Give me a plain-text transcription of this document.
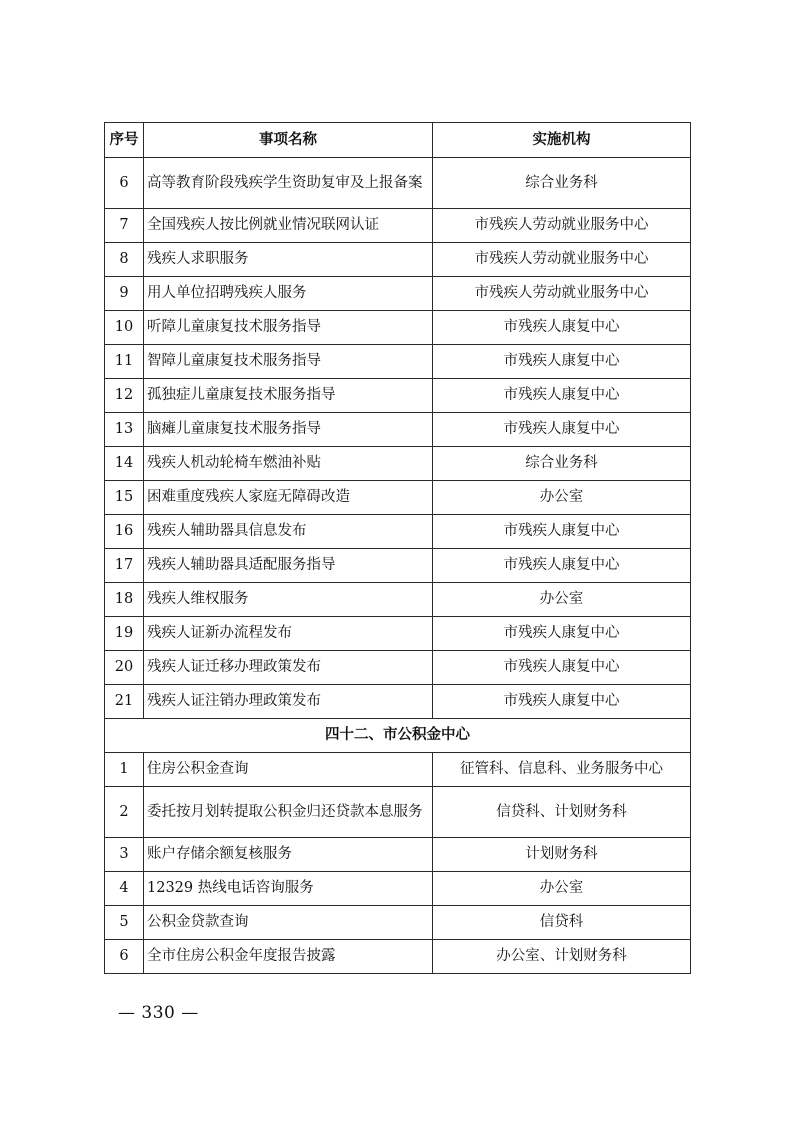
序号	事项名称	实施机构
6	高等教育阶段残疾学生资助复审及上报备案	综合业务科
7	全国残疾人按比例就业情况联网认证	市残疾人劳动就业服务中心
8	残疾人求职服务	市残疾人劳动就业服务中心
9	用人单位招聘残疾人服务	市残疾人劳动就业服务中心
10	听障儿童康复技术服务指导	市残疾人康复中心
11	智障儿童康复技术服务指导	市残疾人康复中心
12	孤独症儿童康复技术服务指导	市残疾人康复中心
13	脑瘫儿童康复技术服务指导	市残疾人康复中心
14	残疾人机动轮椅车燃油补贴	综合业务科
15	困难重度残疾人家庭无障碍改造	办公室
16	残疾人辅助器具信息发布	市残疾人康复中心
17	残疾人辅助器具适配服务指导	市残疾人康复中心
18	残疾人维权服务	办公室
19	残疾人证新办流程发布	市残疾人康复中心
20	残疾人证迁移办理政策发布	市残疾人康复中心
21	残疾人证注销办理政策发布	市残疾人康复中心
四十二、市公积金中心		
1	住房公积金查询	征管科、信息科、业务服务中心
2	委托按月划转提取公积金归还贷款本息服务	信贷科、计划财务科
3	账户存储余额复核服务	计划财务科
4	12329 热线电话咨询服务	办公室
5	公积金贷款查询	信贷科
6	全市住房公积金年度报告披露	办公室、计划财务科
— 330 —
